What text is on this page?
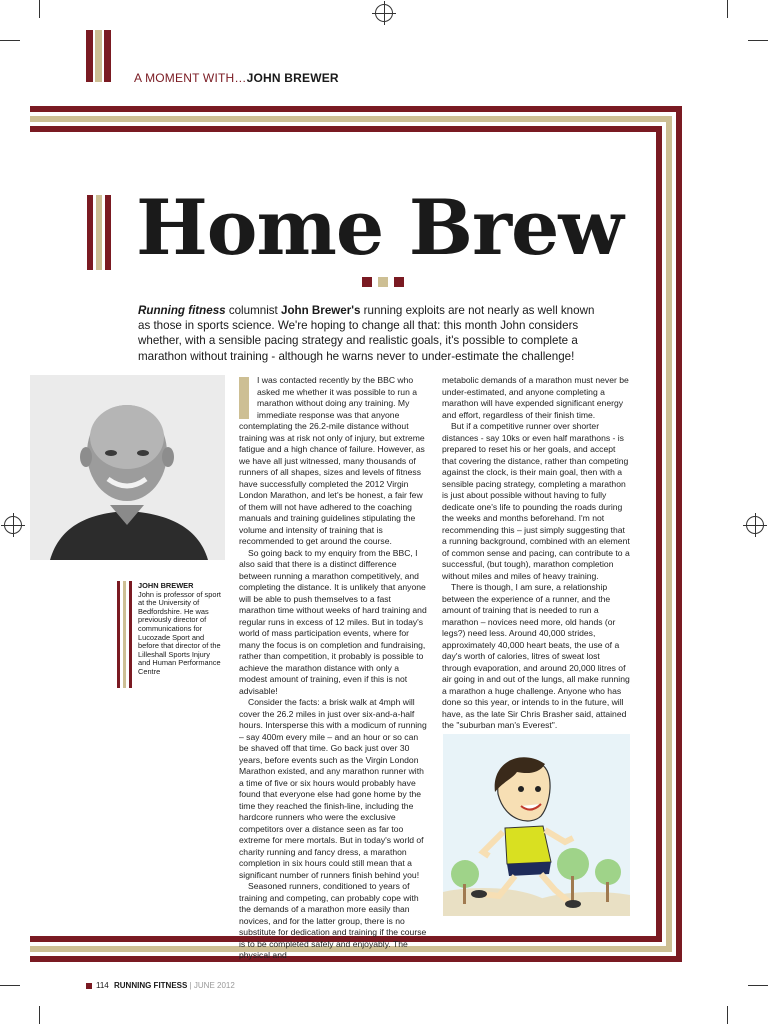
A MOMENT WITH…JOHN BREWER
Home Brew
Running fitness columnist John Brewer's running exploits are not nearly as well known as those in sports science. We're hoping to change all that: this month John considers whether, with a sensible pacing strategy and realistic goals, it's possible to complete a marathon without training - although he warns never to under-estimate the challenge!
JOHN BREWER
John is professor of sport at the University of Bedfordshire. He was previously director of communications for Lucozade Sport and before that director of the Lilleshall Sports Injury and Human Performance Centre

I was contacted recently by the BBC who asked me whether it was possible to run a marathon without doing any training. My immediate response was that anyone contemplating the 26.2-mile distance without training was at risk not only of injury, but extreme fatigue and a high chance of failure. However, as we have all just witnessed, many thousands of runners of all shapes, sizes and levels of fitness have successfully completed the 2012 Virgin London Marathon, and let's be honest, a fair few of them will not have adhered to the coaching manuals and training guidelines stipulating the volume and intensity of training that is recommended to get around the course.

So going back to my enquiry from the BBC, I also said that there is a distinct difference between running a marathon competitively, and completing the distance. It is unlikely that anyone will be able to push themselves to a fast marathon time without weeks of hard training and regular runs in excess of 12 miles. But in today's world of mass participation events, where for many the focus is on completion and fundraising, rather than competition, it probably is possible to achieve the marathon distance with only a modest amount of training, even if this is not advisable!

Consider the facts: a brisk walk at 4mph will cover the 26.2 miles in just over six-and-a-half hours. Intersperse this with a modicum of running – say 400m every mile – and an hour or so can be shaved off that time. Go back just over 30 years, before events such as the Virgin London Marathon existed, and any marathon runner with a time of five or six hours would probably have found that everyone else had gone home by the time they reached the finish-line, including the hardcore runners who were the exclusive competitors over a distance seen as far too extreme for mere mortals. But in today's world of charity running and fancy dress, a marathon completion in six hours could still mean that a significant number of runners finish behind you!

Seasoned runners, conditioned to years of training and competing, can probably cope with the demands of a marathon more easily than novices, and for the latter group, there is no substitute for dedication and training if the course is to be completed safely and enjoyably. The physical and

metabolic demands of a marathon must never be under-estimated, and anyone completing a marathon will have expended significant energy and effort, regardless of their finish time.

But if a competitive runner over shorter distances - say 10ks or even half marathons - is prepared to reset his or her goals, and accept that covering the distance, rather than competing against the clock, is their main goal, then with a sensible pacing strategy, completing a marathon is just about possible without having to fully dedicate one's life to pounding the roads during the weeks and months beforehand. I'm not recommending this – just simply suggesting that a running background, combined with an element of common sense and pacing, can contribute to a successful, (but tough), marathon completion without miles and miles of heavy training.

There is though, I am sure, a relationship between the experience of a runner, and the amount of training that is needed to run a marathon – novices need more, old hands (or legs?) need less. Around 40,000 strides, approximately 40,000 heart beats, the use of a day's worth of calories, litres of sweat lost through evaporation, and around 20,000 litres of air going in and out of the lungs, all make running a marathon a huge challenge. Anyone who has done so this year, or intends to in the future, will have, as the late Sir Chris Brasher said, attained the "suburban man's Everest".

114 RUNNING FITNESS | JUNE 2012
